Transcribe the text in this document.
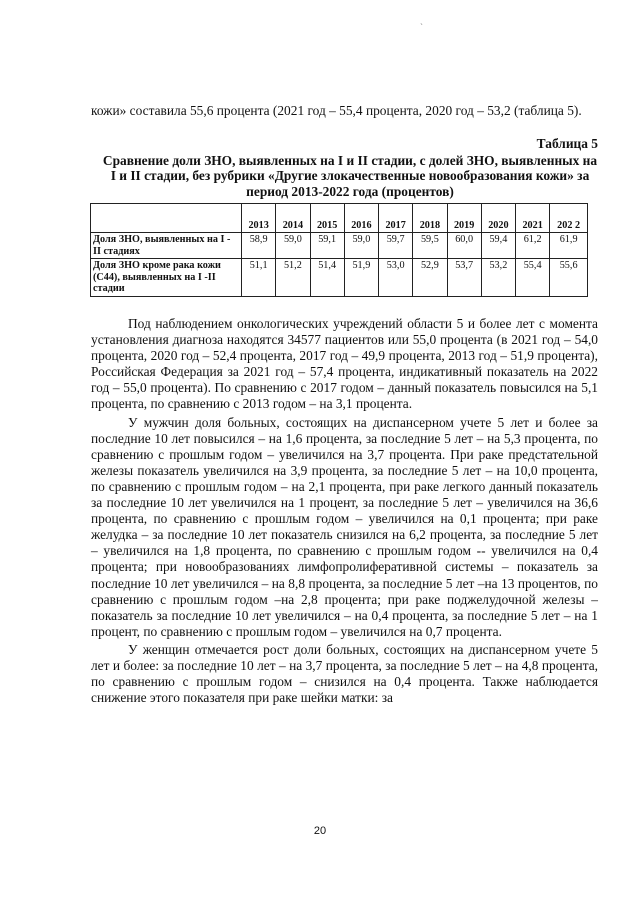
`

кожи» составила 55,6 процента (2021 год – 55,4 процента, 2020 год – 53,2 (таблица 5).

Таблица 5

Сравнение доли ЗНО, выявленных на I и II стадии, с долей ЗНО, выявленных на I и II стадии, без рубрики «Другие злокачественные новообразования кожи» за период 2013-2022 года (процентов)

	2013	2014	2015	2016	2017	2018	2019	2020	2021	202 2
Доля ЗНО, выявленных на I - II стадиях	58,9	59,0	59,1	59,0	59,7	59,5	60,0	59,4	61,2	61,9
Доля ЗНО кроме рака кожи (С44), выявленных на I -II стадии	51,1	51,2	51,4	51,9	53,0	52,9	53,7	53,2	55,4	55,6

Под наблюдением онкологических учреждений области 5 и более лет с момента установления диагноза находятся 34577 пациентов или 55,0 процента (в 2021 год – 54,0 процента, 2020 год – 52,4 процента, 2017 год – 49,9 процента, 2013 год – 51,9 процента), Российская Федерация за 2021 год – 57,4 процента, индикативный показатель на 2022 год – 55,0 процента). По сравнению с 2017 годом – данный показатель повысился на 5,1 процента, по сравнению с 2013 годом – на 3,1 процента.

У мужчин доля больных, состоящих на диспансерном учете 5 лет и более за последние 10 лет повысился – на 1,6 процента, за последние 5 лет – на 5,3 процента, по сравнению с прошлым годом – увеличился на 3,7 процента. При раке предстательной железы показатель увеличился на 3,9 процента, за последние 5 лет – на 10,0 процента, по сравнению с прошлым годом – на 2,1 процента, при раке легкого данный показатель за последние 10 лет увеличился на 1 процент, за последние 5 лет – увеличился на 36,6 процента, по сравнению с прошлым годом – увеличился на 0,1 процента; при раке желудка – за последние 10 лет показатель снизился на 6,2 процента, за последние 5 лет – увеличился на 1,8 процента, по сравнению с прошлым годом -- увеличился на 0,4 процента; при новообразованиях лимфопролиферативной системы – показатель за последние 10 лет увеличился – на 8,8 процента, за последние 5 лет –на 13 процентов, по сравнению с прошлым годом –на 2,8 процента; при раке поджелудочной железы – показатель за последние 10 лет увеличился – на 0,4 процента, за последние 5 лет – на 1 процент, по сравнению с прошлым годом – увеличился на 0,7 процента.

У женщин отмечается рост доли больных, состоящих на диспансерном учете 5 лет и более: за последние 10 лет – на 3,7 процента, за последние 5 лет – на 4,8 процента, по сравнению с прошлым годом – снизился на 0,4 процента. Также наблюдается снижение этого показателя при раке шейки матки: за

20
